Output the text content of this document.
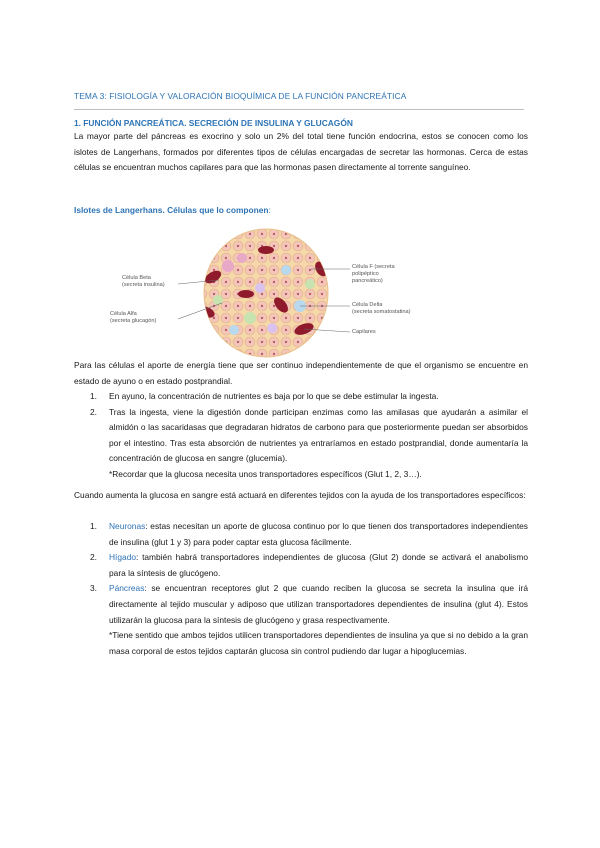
TEMA 3: FISIOLOGÍA Y VALORACIÓN BIOQUÍMICA DE LA FUNCIÓN PANCREÁTICA
1. FUNCIÓN PANCREÁTICA. SECRECIÓN DE INSULINA Y GLUCAGÓN
La mayor parte del páncreas es exocrino y solo un 2% del total tiene función endocrina, estos se conocen como los islotes de Langerhans, formados por diferentes tipos de células encargadas de secretar las hormonas. Cerca de estas células se encuentran muchos capilares para que las hormonas pasen directamente al torrente sanguíneo.
Islotes de Langerhans. Células que lo componen:
Célula Beta
(secreta insulina)
Célula Alfa
(secreta glucagón)
Célula F (secreta
polipéptico
pancreático)
Célula Delta
(secreta somatostatina)
Capilares
Para las células el aporte de energía tiene que ser continuo independientemente de que el organismo se encuentre en estado de ayuno o en estado postprandial.
1. En ayuno, la concentración de nutrientes es baja por lo que se debe estimular la ingesta.
2. Tras la ingesta, viene la digestión donde participan enzimas como las amilasas que ayudarán a asimilar el almidón o las sacaridasas que degradaran hidratos de carbono para que posteriormente puedan ser absorbidos por el intestino. Tras esta absorción de nutrientes ya entraríamos en estado postprandial, donde aumentaría la concentración de glucosa en sangre (glucemia).
*Recordar que la glucosa necesita unos transportadores específicos (Glut 1, 2, 3…).
Cuando aumenta la glucosa en sangre está actuará en diferentes tejidos con la ayuda de los transportadores específicos:
1. Neuronas: estas necesitan un aporte de glucosa continuo por lo que tienen dos transportadores independientes de insulina (glut 1 y 3) para poder captar esta glucosa fácilmente.
2. Hígado: también habrá transportadores independientes de glucosa (Glut 2) donde se activará el anabolismo para la síntesis de glucógeno.
3. Páncreas: se encuentran receptores glut 2 que cuando reciben la glucosa se secreta la insulina que irá directamente al tejido muscular y adiposo que utilizan transportadores dependientes de insulina (glut 4). Estos utilizarán la glucosa para la síntesis de glucógeno y grasa respectivamente.
*Tiene sentido que ambos tejidos utilicen transportadores dependientes de insulina ya que si no debido a la gran masa corporal de estos tejidos captarán glucosa sin control pudiendo dar lugar a hipoglucemias.
